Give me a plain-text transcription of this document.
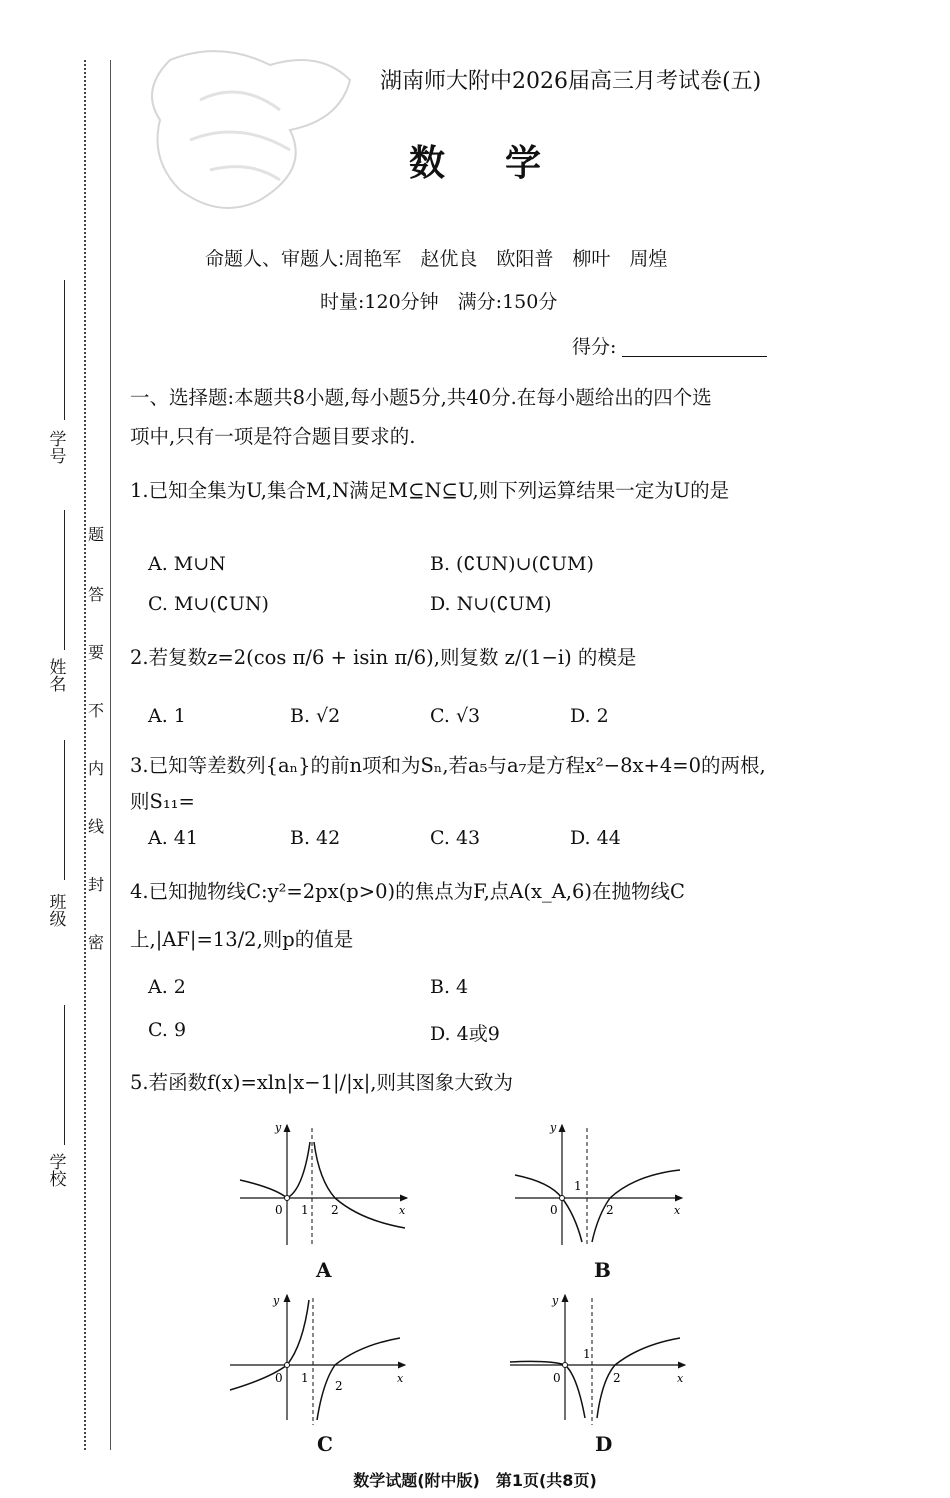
学号
姓名
班级
学校
密
封
线
内
不
要
答
题
湖南师大附中2026届高三月考试卷(五)
数学
命题人、审题人:周艳军　赵优良　欧阳普　柳叶　周煌
时量:120分钟　满分:150分
得分:
一、选择题:本题共8小题,每小题5分,共40分.在每小题给出的四个选
项中,只有一项是符合题目要求的.
1.已知全集为U,集合M,N满足M⊆N⊆U,则下列运算结果一定为U的是
A. M∪N	B. (∁UN)∪(∁UM)
C. M∪(∁UN)	D. N∪(∁UM)
2.若复数z=2(cos π/6 + isin π/6),则复数 z/(1−i) 的模是
A. 1	B. √2	C. √3	D. 2
3.已知等差数列{aₙ}的前n项和为Sₙ,若a₅与a₇是方程x²−8x+4=0的两根,则S₁₁=
A. 41	B. 42	C. 43	D. 44
4.已知抛物线C:y²=2px(p>0)的焦点为F,点A(x_A,6)在抛物线C上,|AF|=13/2,则p的值是
A. 2	B. 4
C. 9	D. 4或9
5.若函数f(x)=xln|x−1|/|x|,则其图象大致为
y
x
0 1 2
A
y
x
0
1
2
B
y
x
0 1
2
C
y
x
0
1
2
D
数学试题(附中版)　第1页(共8页)
